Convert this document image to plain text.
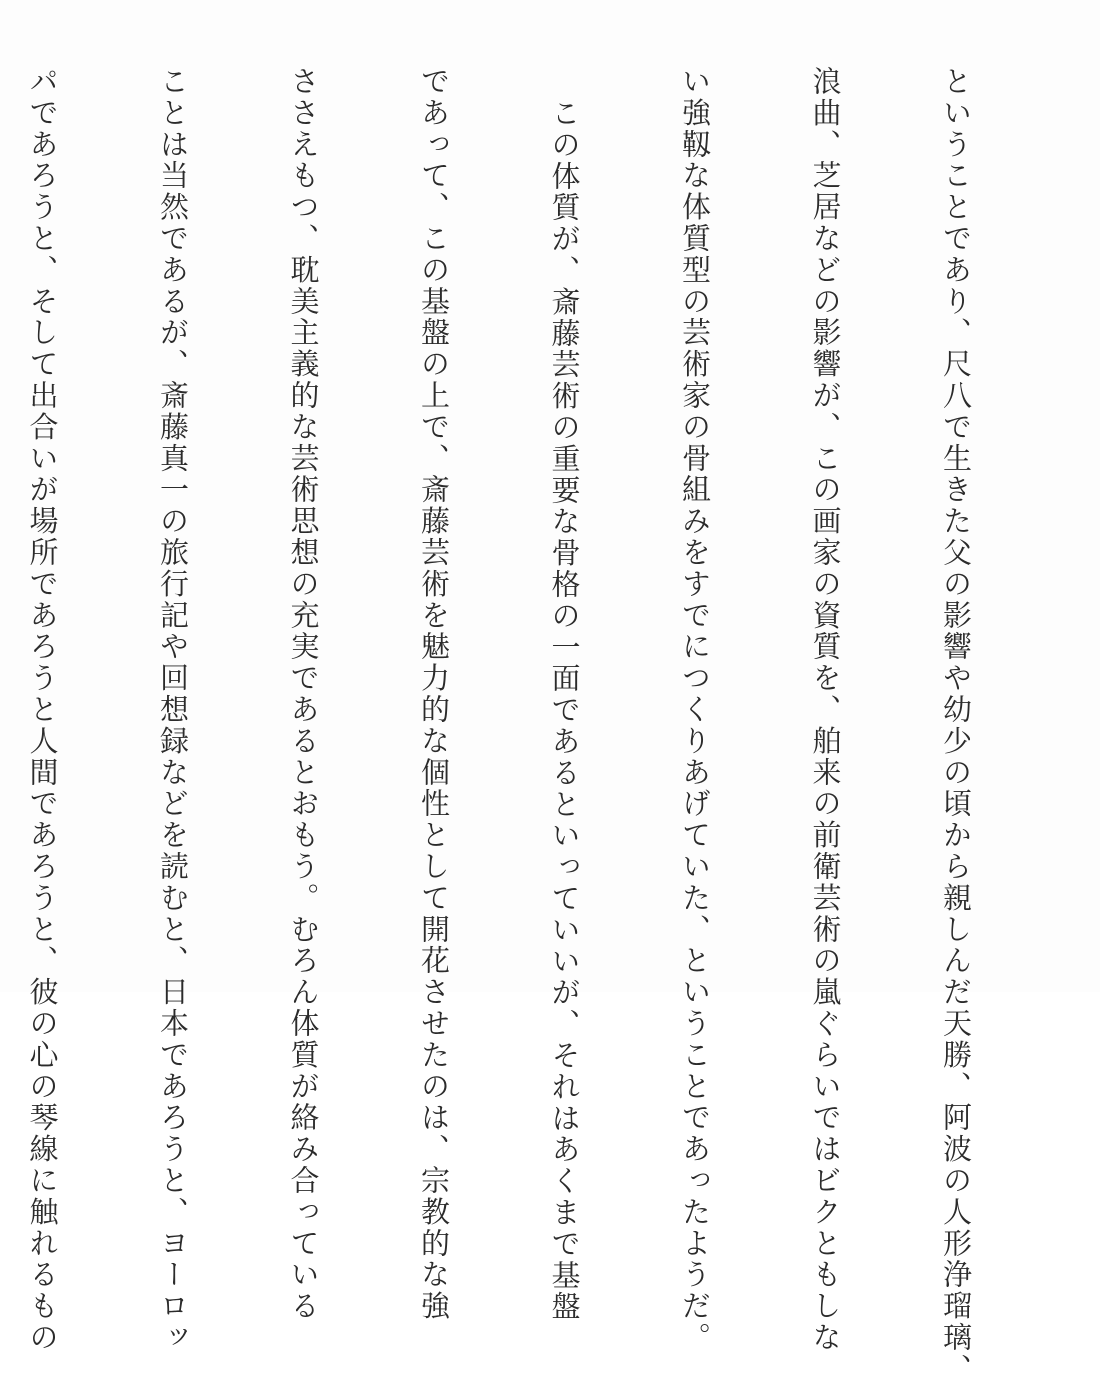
ということであり、尺八で生きた父の影響や幼少の頃から親しんだ天勝、阿波の人形浄瑠璃、

浪曲、芝居などの影響が、この画家の資質を、舶来の前衛芸術の嵐ぐらいではビクともしな

い強靱な体質型の芸術家の骨組みをすでにつくりあげていた、ということであったようだ。

この体質が、斎藤芸術の重要な骨格の一面であるといっていいが、それはあくまで基盤

であって、この基盤の上で、斎藤芸術を魅力的な個性として開花させたのは、宗教的な強

ささえもつ、耽美主義的な芸術思想の充実であるとおもう。むろん体質が絡み合っている

ことは当然であるが、斎藤真一の旅行記や回想録などを読むと、日本であろうと、ヨーロッ

パであろうと、そして出合いが場所であろうと人間であろうと、彼の心の琴線に触れるもの
